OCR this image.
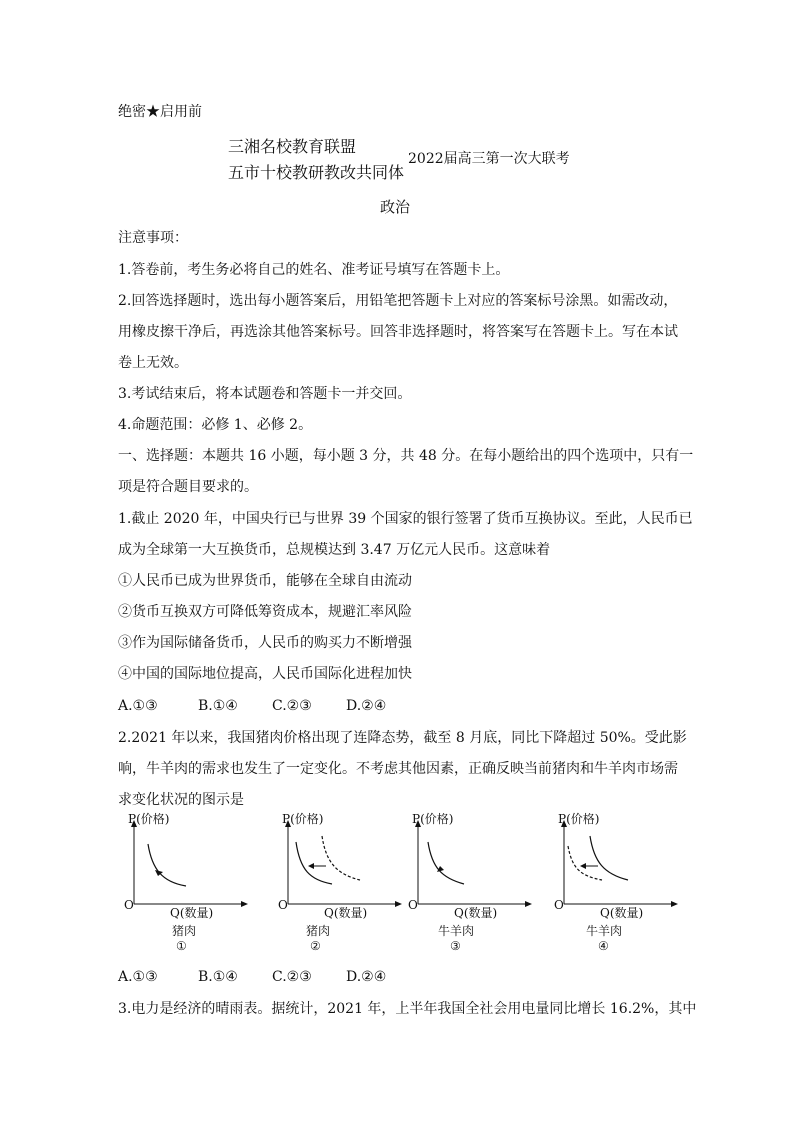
绝密★启用前
三湘名校教育联盟
五市十校教研教改共同体
2022届高三第一次大联考
政治
注意事项：
1.答卷前，考生务必将自己的姓名、准考证号填写在答题卡上。
2.回答选择题时，选出每小题答案后，用铅笔把答题卡上对应的答案标号涂黑。如需改动，
用橡皮擦干净后，再选涂其他答案标号。回答非选择题时，将答案写在答题卡上。写在本试
卷上无效。
3.考试结束后，将本试题卷和答题卡一并交回。
4.命题范围：必修 1、必修 2。
一、选择题：本题共 16 小题，每小题 3 分，共 48 分。在每小题给出的四个选项中，只有一
项是符合题目要求的。
1.截止 2020 年，中国央行已与世界 39 个国家的银行签署了货币互换协议。至此，人民币已
成为全球第一大互换货币，总规模达到 3.47 万亿元人民币。这意味着
①人民币已成为世界货币，能够在全球自由流动
②货币互换双方可降低筹资成本，规避汇率风险
③作为国际储备货币，人民币的购买力不断增强
④中国的国际地位提高，人民币国际化进程加快
A.①③	B.①④	C.②③	D.②④
2.2021 年以来，我国猪肉价格出现了连降态势，截至 8 月底，同比下降超过 50%。受此影
响，牛羊肉的需求也发生了一定变化。不考虑其他因素，正确反映当前猪肉和牛羊肉市场需
求变化状况的图示是
P(价格)
O
Q(数量)
猪肉
①
P(价格)
O
Q(数量)
猪肉
②
P(价格)
O
Q(数量)
牛羊肉
③
P(价格)
O
Q(数量)
牛羊肉
④
A.①③	B.①④	C.②③	D.②④
3.电力是经济的晴雨表。据统计，2021 年，上半年我国全社会用电量同比增长 16.2%，其中
